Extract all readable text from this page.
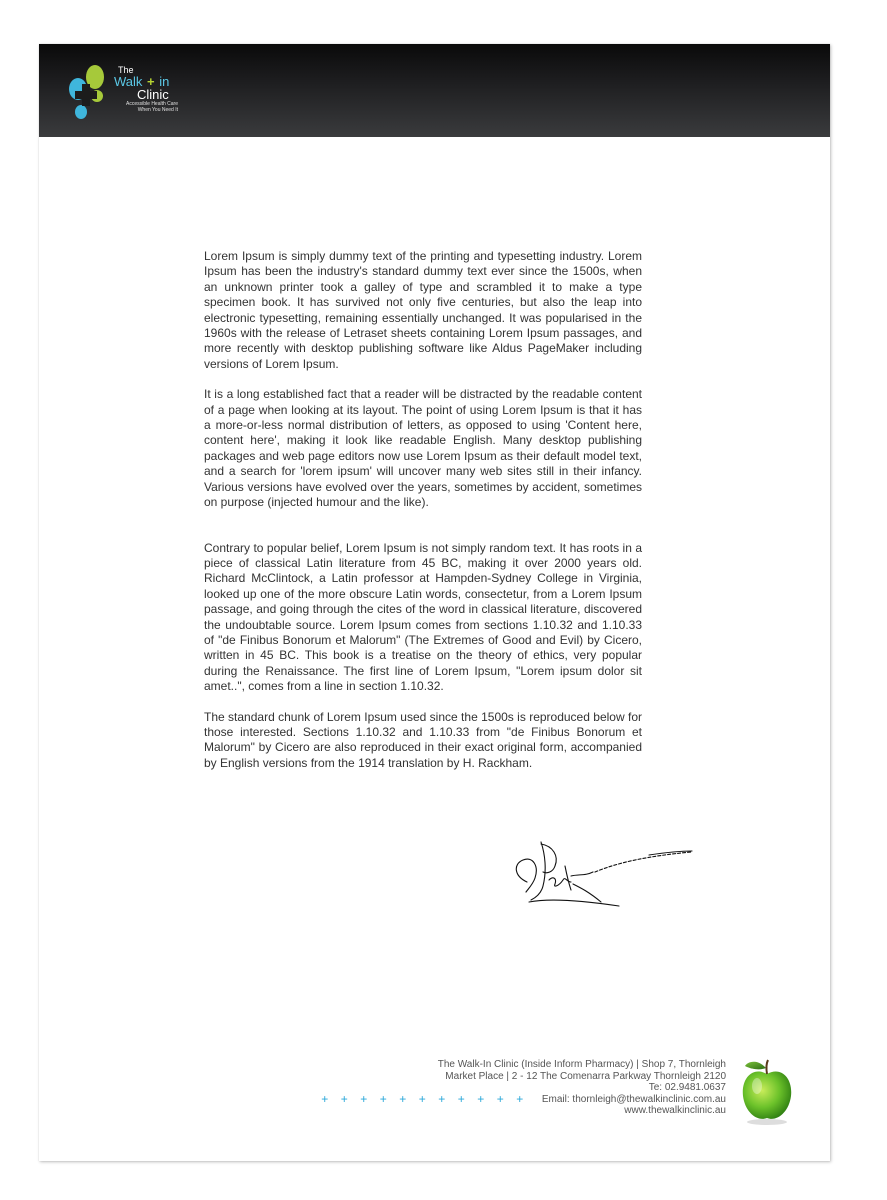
The
Walk + in
Clinic
Accessible Health Care
When You Need It

Lorem Ipsum is simply dummy text of the printing and typesetting industry. Lorem Ipsum has been the industry's standard dummy text ever since the 1500s, when an unknown printer took a galley of type and scrambled it to make a type specimen book. It has survived not only five centuries, but also the leap into electronic typesetting, remaining essentially unchanged. It was popularised in the 1960s with the release of Letraset sheets containing Lorem Ipsum passages, and more recently with desktop publishing software like Aldus PageMaker including versions of Lorem Ipsum.

It is a long established fact that a reader will be distracted by the readable content of a page when looking at its layout. The point of using Lorem Ipsum is that it has a more-or-less normal distribution of letters, as opposed to using 'Content here, content here', making it look like readable English. Many desktop publishing packages and web page editors now use Lorem Ipsum as their default model text, and a search for 'lorem ipsum' will uncover many web sites still in their infancy. Various versions have evolved over the years, sometimes by accident, sometimes on purpose (injected humour and the like).

Contrary to popular belief, Lorem Ipsum is not simply random text. It has roots in a piece of classical Latin literature from 45 BC, making it over 2000 years old. Richard McClintock, a Latin professor at Hampden-Sydney College in Virginia, looked up one of the more obscure Latin words, consectetur, from a Lorem Ipsum passage, and going through the cites of the word in classical literature, discovered the undoubtable source. Lorem Ipsum comes from sections 1.10.32 and 1.10.33 of "de Finibus Bonorum et Malorum" (The Extremes of Good and Evil) by Cicero, written in 45 BC. This book is a treatise on the theory of ethics, very popular during the Renaissance. The first line of Lorem Ipsum, "Lorem ipsum dolor sit amet..", comes from a line in section 1.10.32.

The standard chunk of Lorem Ipsum used since the 1500s is reproduced below for those interested. Sections 1.10.32 and 1.10.33 from "de Finibus Bonorum et Malorum" by Cicero are also reproduced in their exact original form, accompanied by English versions from the 1914 translation by H. Rackham.

The Walk-In Clinic (Inside Inform Pharmacy) | Shop 7, Thornleigh
Market Place | 2 - 12 The Comenarra Parkway Thornleigh 2120
Te: 02.9481.0637
Email: thornleigh@thewalkinclinic.com.au
www.thewalkinclinic.au
+ + + + + + + + + + +
